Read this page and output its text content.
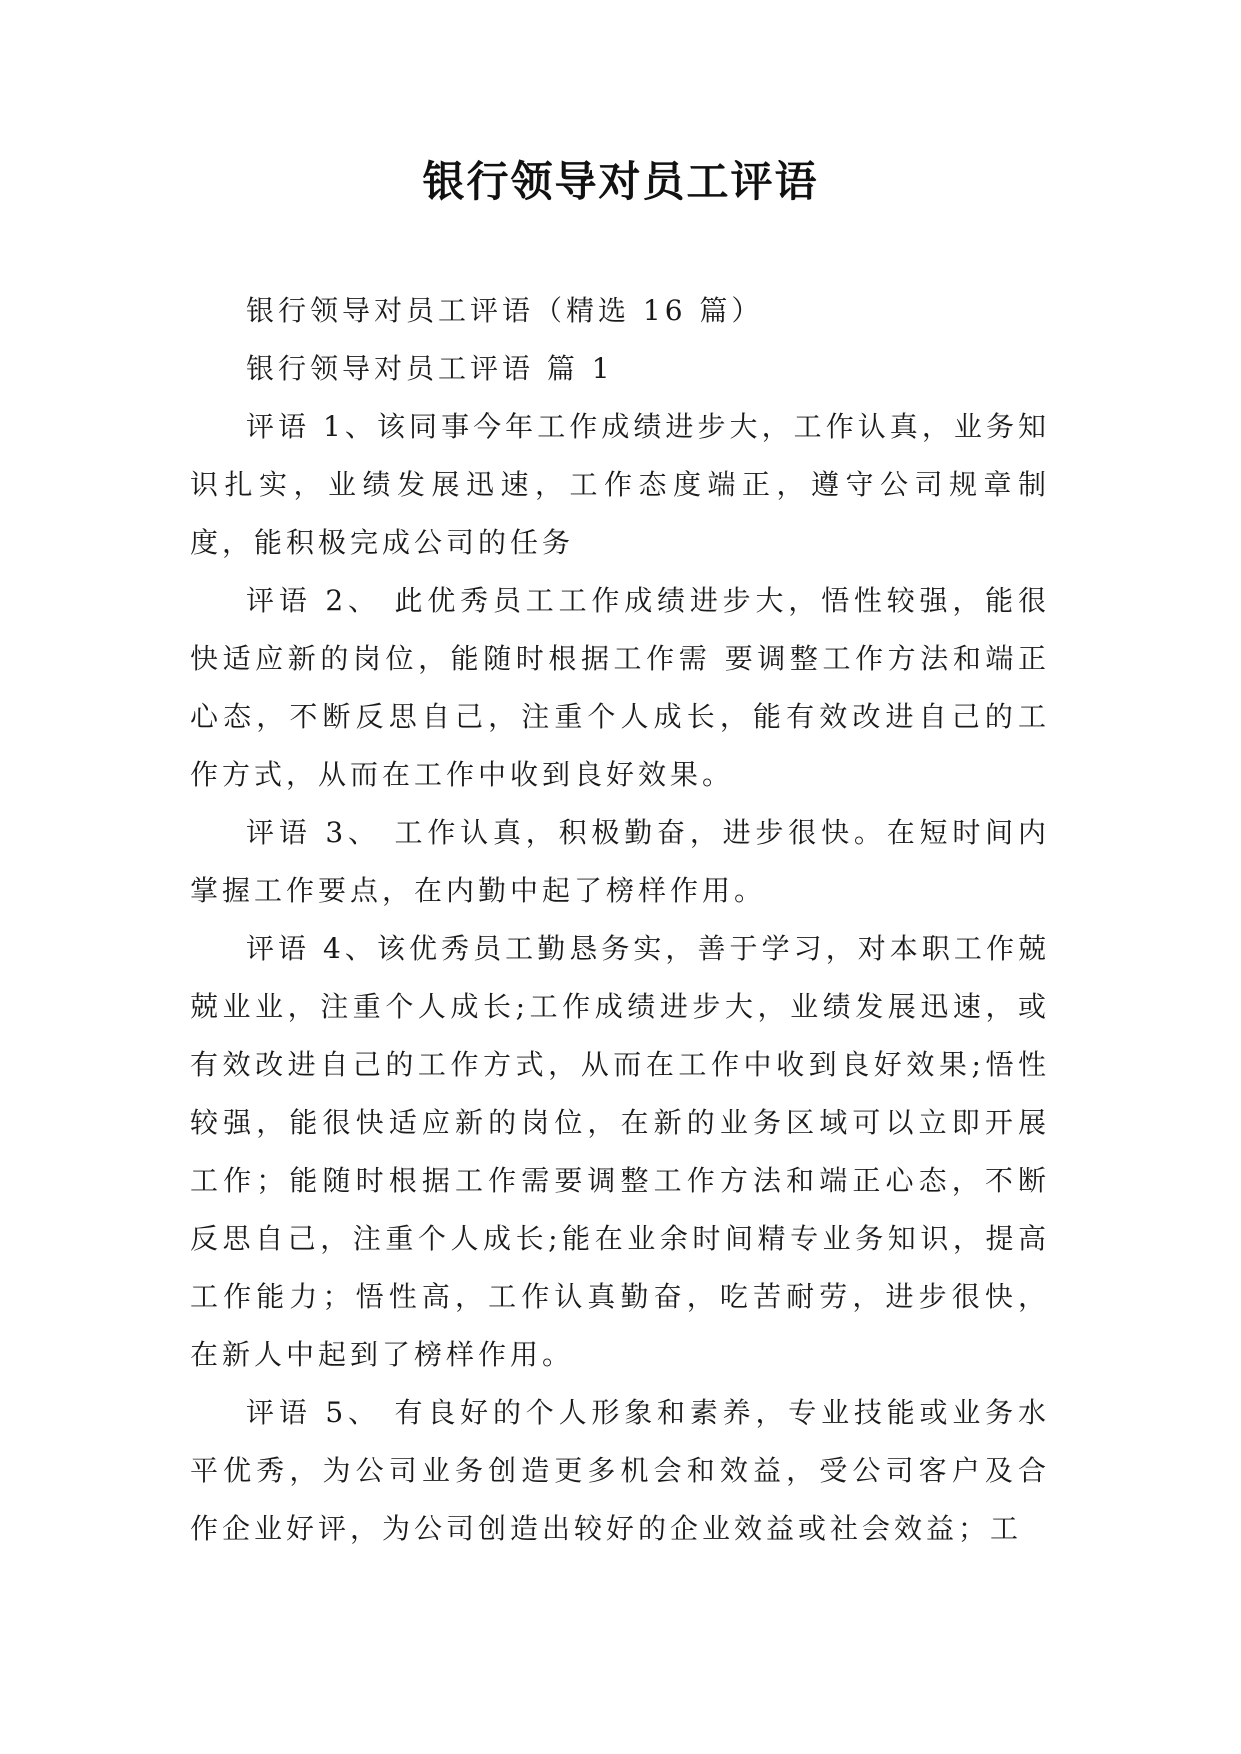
银行领导对员工评语

银行领导对员工评语（精选 16 篇）

银行领导对员工评语 篇 1

评语 1、该同事今年工作成绩进步大，工作认真，业务知识扎实，业绩发展迅速，工作态度端正，遵守公司规章制度，能积极完成公司的任务

评语 2、 此优秀员工工作成绩进步大，悟性较强，能很快适应新的岗位，能随时根据工作需 要调整工作方法和端正心态，不断反思自己，注重个人成长，能有效改进自己的工作方式，从而在工作中收到良好效果。

评语 3、 工作认真，积极勤奋，进步很快。在短时间内掌握工作要点，在内勤中起了榜样作用。

评语 4、该优秀员工勤恳务实，善于学习，对本职工作兢兢业业，注重个人成长;工作成绩进步大，业绩发展迅速，或有效改进自己的工作方式，从而在工作中收到良好效果;悟性较强，能很快适应新的岗位，在新的业务区域可以立即开展工作；能随时根据工作需要调整工作方法和端正心态，不断反思自己，注重个人成长;能在业余时间精专业务知识，提高工作能力；悟性高，工作认真勤奋，吃苦耐劳，进步很快，在新人中起到了榜样作用。

评语 5、 有良好的个人形象和素养，专业技能或业务水平优秀，为公司业务创造更多机会和效益，受公司客户及合作企业好评，为公司创造出较好的企业效益或社会效益；工
